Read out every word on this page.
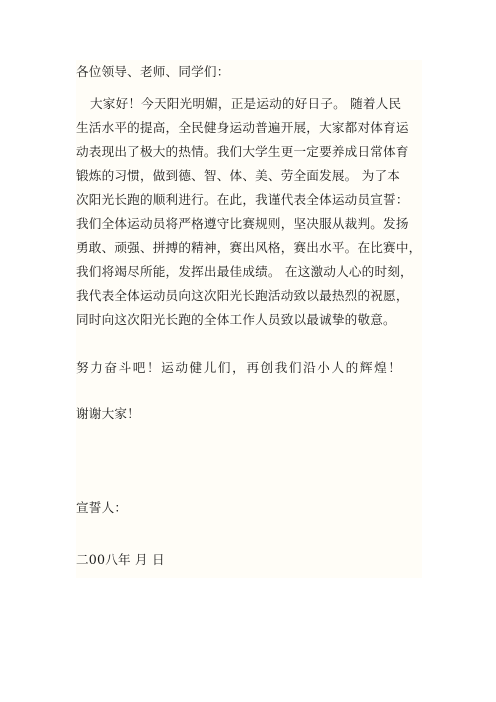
各位领导、老师、同学们：
大家好！今天阳光明媚，正是运动的好日子。 随着人民
生活水平的提高，全民健身运动普遍开展，大家都对体育运
动表现出了极大的热情。我们大学生更一定要养成日常体育
锻炼的习惯，做到德、智、体、美、劳全面发展。 为了本
次阳光长跑的顺利进行。在此，我谨代表全体运动员宣誓：
我们全体运动员将严格遵守比赛规则，坚决服从裁判。发扬
勇敢、顽强、拼搏的精神，赛出风格，赛出水平。在比赛中，
我们将竭尽所能，发挥出最佳成绩。 在这激动人心的时刻，
我代表全体运动员向这次阳光长跑活动致以最热烈的祝愿，
同时向这次阳光长跑的全体工作人员致以最诚挚的敬意。
努力奋斗吧！运动健儿们，再创我们沿小人的辉煌！
谢谢大家！
宣誓人：
二00八年 月 日
